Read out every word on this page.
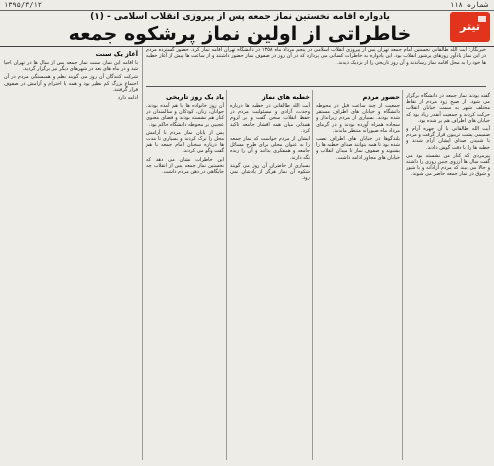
۱۳۹۵/۳/۱۲	شماره ۱۱۸
یادواره اقامه نخستین نماز جمعه پس از پیروزی انقلاب اسلامی - (۱)
خاطراتی از اولین نماز پرشکوه جمعه	تیتر
خبرنگار: آیت الله طالقانی نخستین امام جمعه تهران پس از پیروزی انقلاب اسلامی در پنجم مرداد ماه ۱۳۵۸ در دانشگاه تهران اقامه نماز کرد. حضور گسترده مردم در این نماز یادآور روزهای پرشور انقلاب بود. این یادواره به خاطرات کسانی می پردازد که در آن روز در صفوف نماز حضور داشتند و از ساعت ها پیش از آغاز خطبه ها خود را به محل اقامه نماز رساندند و آن روز تاریخی را از نزدیک دیدند.

گفته بودند نماز جمعه در دانشگاه برگزار می شود. از صبح زود مردم از نقاط مختلف شهر به سمت خیابان انقلاب حرکت کردند و جمعیت آنقدر زیاد بود که خیابان های اطراف هم پر شده بود.

آیت الله طالقانی با آن چهره آرام و صمیمی پشت تریبون قرار گرفت و مردم با شنیدن صدای ایشان آرام شدند و خطبه ها را با دقت گوش دادند.

پیرمردی که کنار من نشسته بود می گفت سال ها آرزوی چنین روزی را داشته و حالا می بیند که مردم آزادانه و با شور و شوق در نماز جمعه حاضر می شوند.

حضور مردم

جمعیت از چند ساعت قبل در محوطه دانشگاه و خیابان های اطراف مستقر شده بودند. بسیاری از مردم زیرانداز و سجاده همراه آورده بودند و در گرمای مرداد ماه صبورانه منتظر ماندند.

بلندگوها در خیابان های اطراف نصب شده بود تا همه بتوانند صدای خطبه ها را بشنوند و صفوف نماز تا میدان انقلاب و خیابان های مجاور ادامه داشت.

خطبه های نماز

آیت الله طالقانی در خطبه ها درباره وحدت، آزادی و مسئولیت مردم در حفظ انقلاب سخن گفت و بر لزوم همدلی میان همه اقشار جامعه تاکید کرد.

ایشان از مردم خواست که نماز جمعه را به عنوان محلی برای طرح مسائل جامعه و همفکری بدانند و آن را زنده نگه دارند.

بسیاری از حاضران آن روز می گویند شکوه آن نماز هرگز از یادشان نمی رود.

یاد یک روز تاریخی

آن روز خانواده ها با هم آمده بودند. جوانان، زنان، کودکان و سالمندان در کنار هم نشسته بودند و فضای معنوی عجیبی بر محوطه دانشگاه حاکم بود.

پس از پایان نماز مردم با آرامش محل را ترک کردند و بسیاری تا مدت ها درباره سخنان امام جمعه با هم گفت وگو می کردند.

این خاطرات نشان می دهد که نخستین نماز جمعه پس از انقلاب چه جایگاهی در ذهن مردم داشت.

آغاز یک سنت

با اقامه این نماز، سنت نماز جمعه پس از سال ها در تهران احیا شد و در ماه های بعد در شهرهای دیگر نیز برگزار گردید.

شرکت کنندگان آن روز می گویند نظم و همبستگی مردم در آن اجتماع بزرگ کم نظیر بود و همه با احترام و آرامش در صفوف قرار گرفتند.

ادامه دارد
